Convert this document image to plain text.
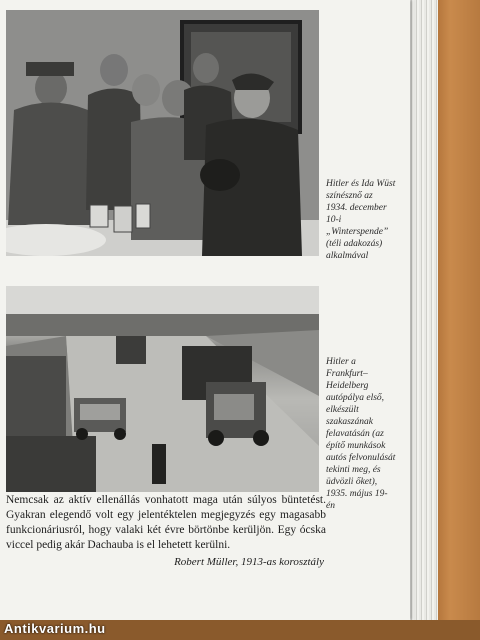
Hitler és Ida Wüst színésznő az 1934. december 10-i „Winterspende” (téli adakozás) alkalmával
Hitler a Frankfurt–Heidelberg autópálya első, elkészült szakaszának felavatásán (az építő munkások autós felvonulását tekinti meg, és üdvözli őket), 1935. május 19-én
Nemcsak az aktív ellenállás vonhatott maga után súlyos büntetést. Gyakran elegendő volt egy jelentéktelen megjegyzés egy magasabb funkcionáriusról, hogy valaki két évre börtönbe kerüljön. Egy ócska viccel pedig akár Dachauba is el lehetett kerülni.
Robert Müller, 1913-as korosztály
Antikvarium.hu
